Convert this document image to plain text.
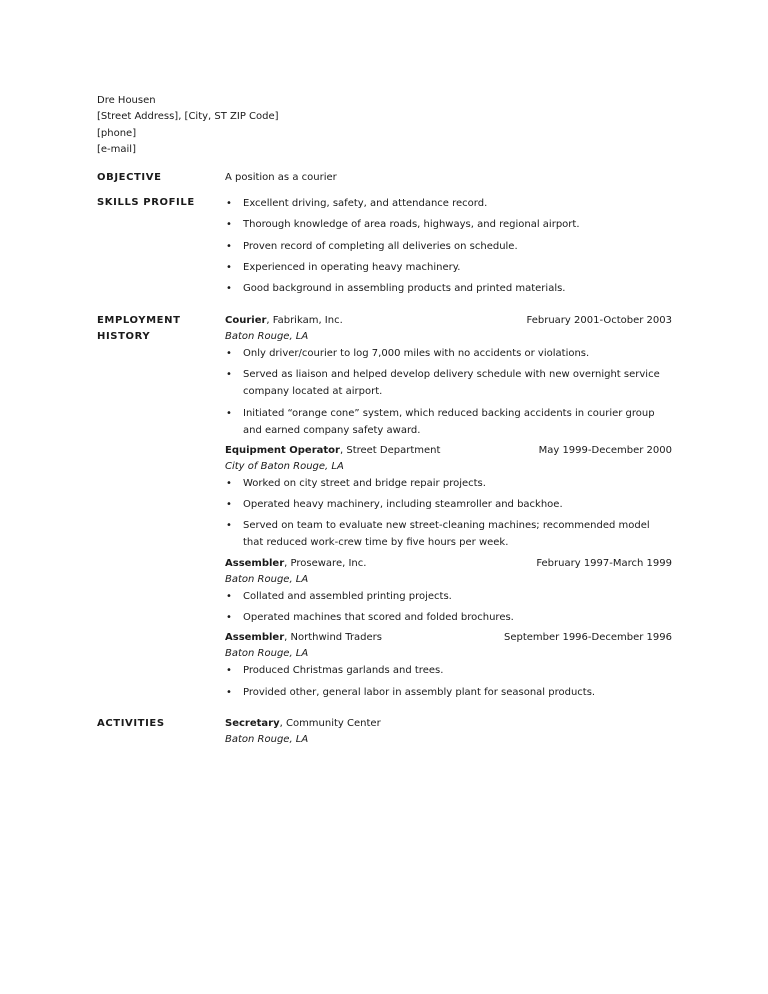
Dre Housen
[Street Address], [City, ST ZIP Code]
[phone]
[e-mail]
OBJECTIVE	A position as a courier
SKILLS PROFILE
•	Excellent driving, safety, and attendance record.
• Thorough knowledge of area roads, highways, and regional airport.
• Proven record of completing all deliveries on schedule.
• Experienced in operating heavy machinery.
• Good background in assembling products and printed materials.
EMPLOYMENT
HISTORY
Courier, Fabrikam, Inc.	February 2001-October 2003
Baton Rouge, LA
• Only driver/courier to log 7,000 miles with no accidents or violations.
• Served as liaison and helped develop delivery schedule with new overnight service company located at airport.
• Initiated “orange cone” system, which reduced backing accidents in courier group and earned company safety award.
Equipment Operator, Street Department	May 1999-December 2000
City of Baton Rouge, LA
• Worked on city street and bridge repair projects.
• Operated heavy machinery, including steamroller and backhoe.
• Served on team to evaluate new street-cleaning machines; recommended model that reduced work-crew time by five hours per week.
Assembler, Proseware, Inc.	February 1997-March 1999
Baton Rouge, LA
• Collated and assembled printing projects.
• Operated machines that scored and folded brochures.
Assembler, Northwind Traders	September 1996-December 1996
Baton Rouge, LA
• Produced Christmas garlands and trees.
• Provided other, general labor in assembly plant for seasonal products.
ACTIVITIES	Secretary, Community Center
Baton Rouge, LA
